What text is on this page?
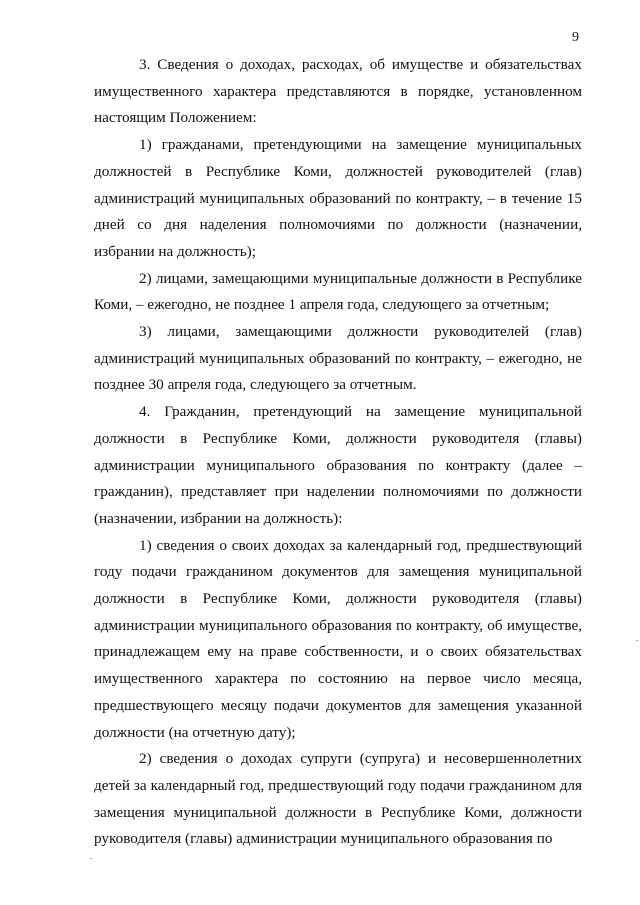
9

3. Сведения о доходах, расходах, об имуществе и обязательствах имущественного характера представляются в порядке, установленном настоящим Положением:

1) гражданами, претендующими на замещение муниципальных должностей в Республике Коми, должностей руководителей (глав) администраций муниципальных образований по контракту, – в течение 15 дней со дня наделения полномочиями по должности (назначении, избрании на должность);

2) лицами, замещающими муниципальные должности в Республике Коми, – ежегодно, не позднее 1 апреля года, следующего за отчетным;

3) лицами, замещающими должности руководителей (глав) администраций муниципальных образований по контракту, – ежегодно, не позднее 30 апреля года, следующего за отчетным.

4. Гражданин, претендующий на замещение муниципальной должности в Республике Коми, должности руководителя (главы) администрации муниципального образования по контракту (далее – гражданин), представляет при наделении полномочиями по должности (назначении, избрании на должность):

1) сведения о своих доходах за календарный год, предшествующий году подачи гражданином документов для замещения муниципальной должности в Республике Коми, должности руководителя (главы) администрации муниципального образования по контракту, об имуществе, принадлежащем ему на праве собственности, и о своих обязательствах имущественного характера по состоянию на первое число месяца, предшествующего месяцу подачи документов для замещения указанной должности (на отчетную дату);

2) сведения о доходах супруги (супруга) и несовершеннолетних детей за календарный год, предшествующий году подачи гражданином для замещения муниципальной должности в Республике Коми, должности руководителя (главы) администрации муниципального образования по
